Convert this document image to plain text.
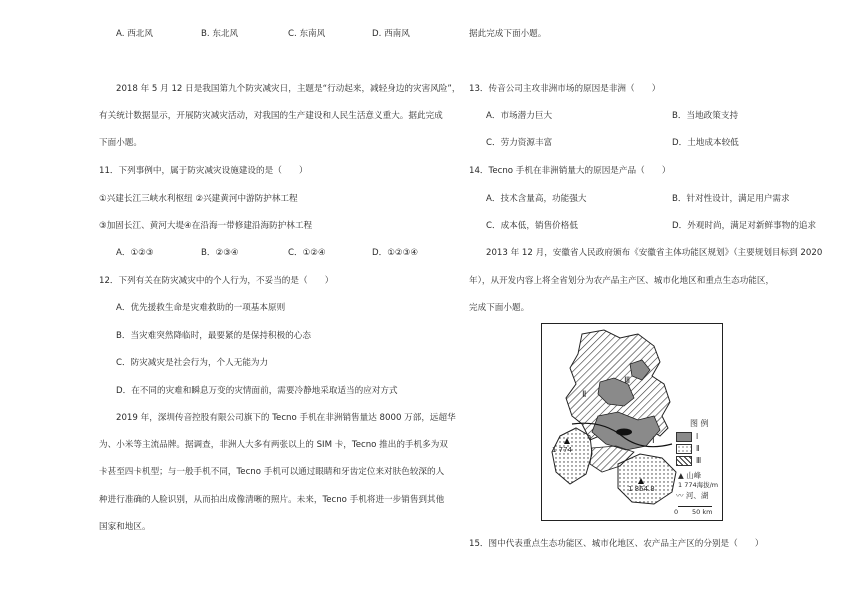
A. 西北风	B. 东北风	C. 东南风	D. 西南风
2018 年 5 月 12 日是我国第九个防灾减灾日，主题是“行动起来，减轻身边的灾害风险”，
有关统计数据显示，开展防灾减灾活动，对我国的生产建设和人民生活意义重大。据此完成
下面小题。
11．下列事例中，属于防灾减灾设施建设的是（　　）
①兴建长江三峡水利枢纽 ②兴建黄河中游防护林工程
③加固长江、黄河大堤④在沿海一带修建沿海防护林工程
A．①②③	B．②③④	C．①②④	D．①②③④
12．下列有关在防灾减灾中的个人行为，不妥当的是（　　）
A．优先援救生命是灾难救助的一项基本原则
B．当灾难突然降临时，最要紧的是保持积极的心态
C．防灾减灾是社会行为，个人无能为力
D．在不同的灾难和瞬息万变的灾情面前，需要冷静地采取适当的应对方式
2019 年，深圳传音控股有限公司旗下的 Tecno 手机在非洲销售量达 8000 万部，远超华
为、小米等主流品牌。据调查，非洲人大多有两张以上的 SIM 卡，Tecno 推出的手机多为双
卡甚至四卡机型；与一般手机不同，Tecno 手机可以通过眼睛和牙齿定位来对肤色较深的人
种进行准确的人脸识别，从而拍出成像清晰的照片。未来，Tecno 手机将进一步销售到其他
国家和地区。
据此完成下面小题。
13．传音公司主攻非洲市场的原因是非洲（　　）
A．市场潜力巨大	B．当地政策支持
C．劳力资源丰富	D．土地成本较低
14．Tecno 手机在非洲销量大的原因是产品（　　）
A．技术含量高，功能强大	B．针对性设计，满足用户需求
C．成本低，销售价格低	D．外观时尚，满足对新鲜事物的追求
2013 年 12 月，安徽省人民政府颁布《安徽省主体功能区规划》（主要规划目标到 2020
年），从开发内容上将全省划分为农产品主产区、城市化地区和重点生态功能区，
完成下面小题。
Ⅲ
Ⅱ
Ⅰ
1 774
1 864.8
图 例
Ⅰ
Ⅱ
Ⅲ
▲ 山峰
1 774海拔/m
〰 河、湖
0 50 km
15．图中代表重点生态功能区、城市化地区、农产品主产区的分别是（　　）
